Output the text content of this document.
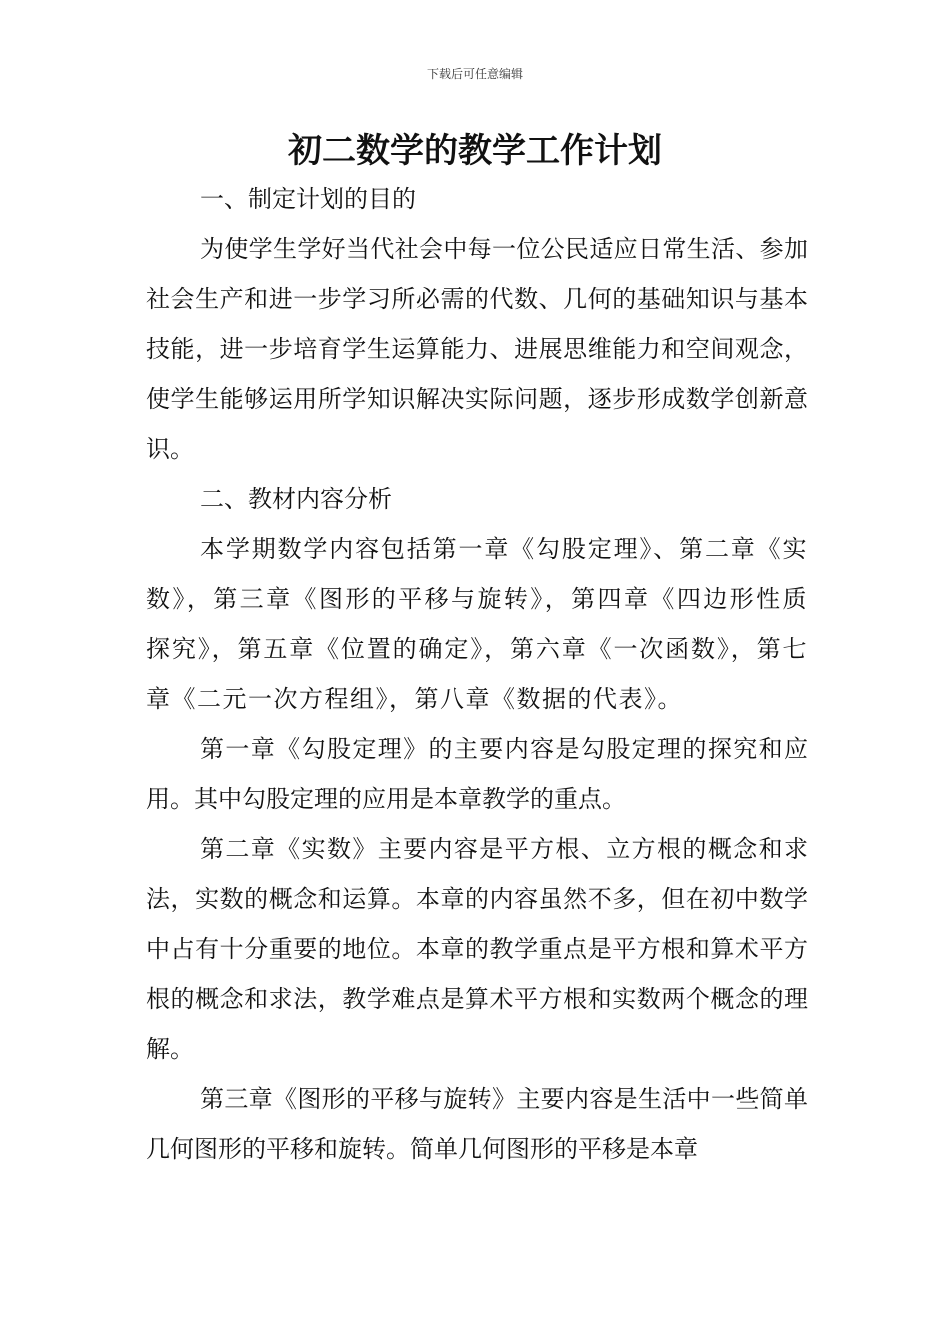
下载后可任意编辑
初二数学的教学工作计划

一、制定计划的目的

为使学生学好当代社会中每一位公民适应日常生活、参加社会生产和进一步学习所必需的代数、几何的基础知识与基本技能，进一步培育学生运算能力、进展思维能力和空间观念，使学生能够运用所学知识解决实际问题，逐步形成数学创新意识。

二、教材内容分析

本学期数学内容包括第一章《勾股定理》、第二章《实数》，第三章《图形的平移与旋转》，第四章《四边形性质探究》，第五章《位置的确定》，第六章《一次函数》，第七章《二元一次方程组》，第八章《数据的代表》。

第一章《勾股定理》的主要内容是勾股定理的探究和应用。其中勾股定理的应用是本章教学的重点。

第二章《实数》主要内容是平方根、立方根的概念和求法，实数的概念和运算。本章的内容虽然不多，但在初中数学中占有十分重要的地位。本章的教学重点是平方根和算术平方根的概念和求法，教学难点是算术平方根和实数两个概念的理解。

第三章《图形的平移与旋转》主要内容是生活中一些简单几何图形的平移和旋转。简单几何图形的平移是本章
